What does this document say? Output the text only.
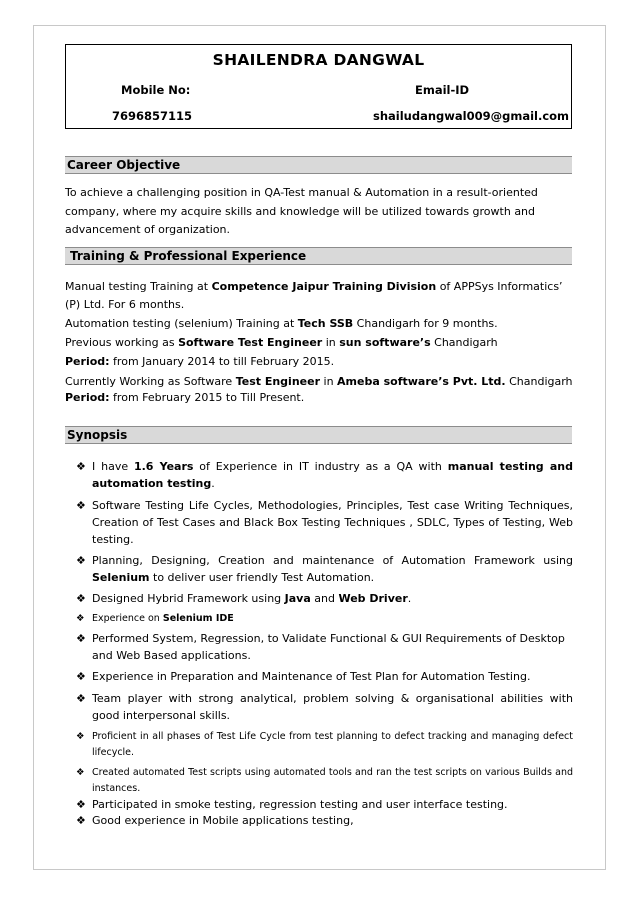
SHAILENDRA DANGWAL
Mobile No:
7696857115
Email-ID
shailudangwal009@gmail.com
Career Objective
To achieve a challenging position in QA-Test manual & Automation in a result-oriented company, where my acquire skills and knowledge will be utilized towards growth and advancement of organization.
Training & Professional Experience
Manual testing Training at Competence Jaipur Training Division of APPSys Informatics’ (P) Ltd. For 6 months.
Automation testing (selenium) Training at Tech SSB Chandigarh for 9 months.
Previous working as Software Test Engineer in sun software’s Chandigarh
Period: from January 2014 to till February 2015.
Currently Working as Software Test Engineer in Ameba software’s Pvt. Ltd. Chandigarh
Period: from February 2015 to Till Present.
Synopsis
❖ I have 1.6 Years of Experience in IT industry as a QA with manual testing and automation testing.
❖ Software Testing Life Cycles, Methodologies, Principles, Test case Writing Techniques, Creation of Test Cases and Black Box Testing Techniques , SDLC, Types of Testing, Web testing.
❖ Planning, Designing, Creation and maintenance of Automation Framework using Selenium to deliver user friendly Test Automation.
❖ Designed Hybrid Framework using Java and Web Driver.
❖ Experience on Selenium IDE
❖ Performed System, Regression, to Validate Functional & GUI Requirements of Desktop and Web Based applications.
❖ Experience in Preparation and Maintenance of Test Plan for Automation Testing.
❖ Team player with strong analytical, problem solving & organisational abilities with good interpersonal skills.
❖ Proficient in all phases of Test Life Cycle from test planning to defect tracking and managing defect lifecycle.
❖ Created automated Test scripts using automated tools and ran the test scripts on various Builds and instances.
❖ Participated in smoke testing, regression testing and user interface testing.
❖ Good experience in Mobile applications testing,
